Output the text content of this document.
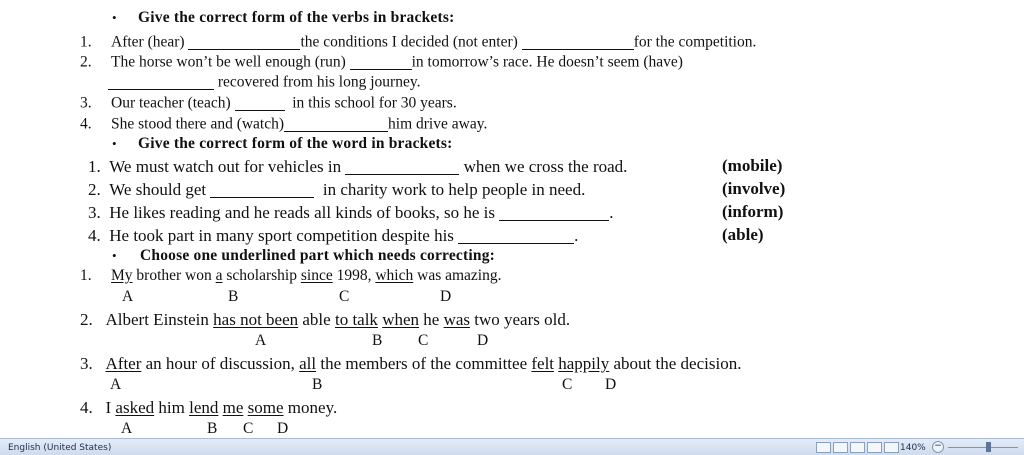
• Give the correct form of the verbs in brackets:
1. After (hear)	the conditions I decided (not enter)	for the competition.
2. The horse won’t be well enough (run)	in tomorrow’s race. He doesn’t seem (have)
recovered from his long journey.
3. Our teacher (teach)	in this school for 30 years.
4. She stood there and (watch)	him drive away.
• Give the correct form of the word in brackets:
1. We must watch out for vehicles in	when we cross the road.	(mobile)
2. We should get	in charity work to help people in need.	(involve)
3. He likes reading and he reads all kinds of books, so he is	.	(inform)
4. He took part in many sport competition despite his	.	(able)
• Choose one underlined part which needs correcting:
1. My brother won a scholarship since 1998, which was amazing.
A	B	C	D
2. Albert Einstein has not been able to talk when he was two years old.
A	B C	D
3. After an hour of discussion, all the members of the committee felt happily about the decision.
A	B	C D
4. I asked him lend me some money.
A	B C D
English (United States)	140% −
